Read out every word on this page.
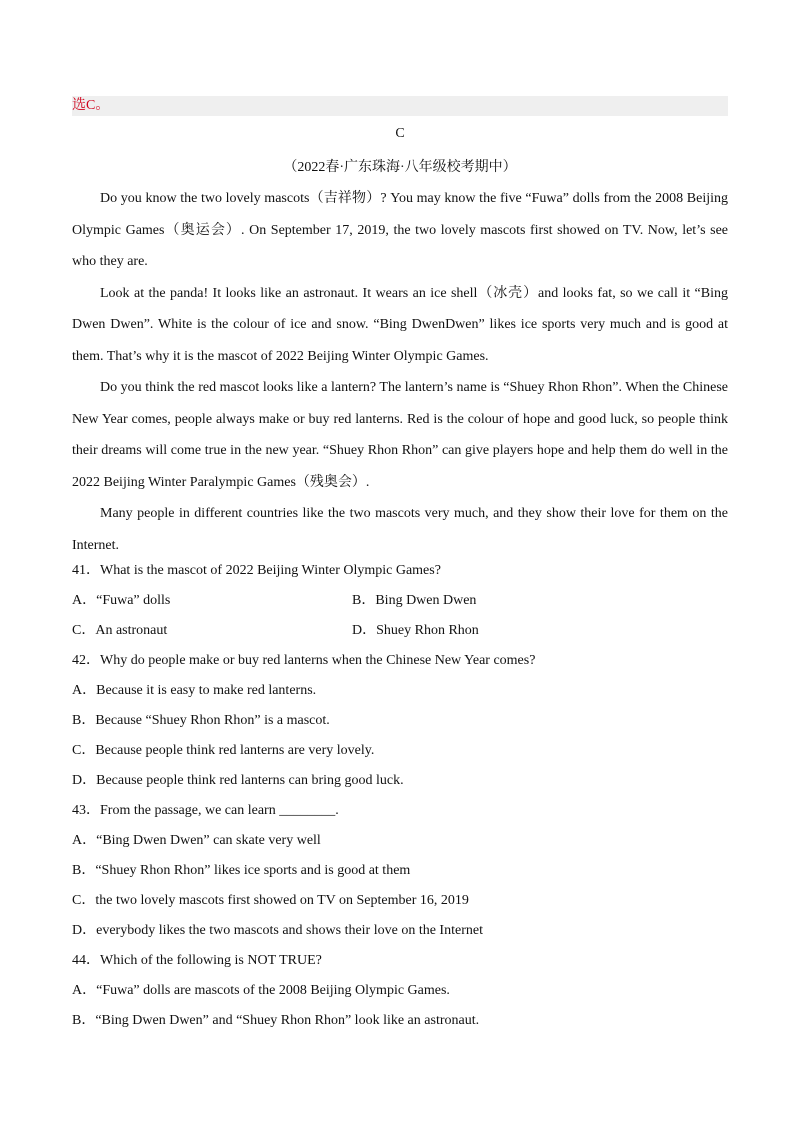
选C。
C
（2022春·广东珠海·八年级校考期中）

Do you know the two lovely mascots（吉祥物）? You may know the five “Fuwa” dolls from the 2008 Beijing Olympic Games（奥运会）. On September 17, 2019, the two lovely mascots first showed on TV. Now, let’s see who they are.

Look at the panda! It looks like an astronaut. It wears an ice shell（冰壳）and looks fat, so we call it “Bing Dwen Dwen”. White is the colour of ice and snow. “Bing DwenDwen” likes ice sports very much and is good at them. That’s why it is the mascot of 2022 Beijing Winter Olympic Games.

Do you think the red mascot looks like a lantern? The lantern’s name is “Shuey Rhon Rhon”. When the Chinese New Year comes, people always make or buy red lanterns. Red is the colour of hope and good luck, so people think their dreams will come true in the new year. “Shuey Rhon Rhon” can give players hope and help them do well in the 2022 Beijing Winter Paralympic Games（残奥会）.

Many people in different countries like the two mascots very much, and they show their love for them on the Internet.

41．What is the mascot of 2022 Beijing Winter Olympic Games?
A．“Fuwa” dolls	B．Bing Dwen Dwen
C．An astronaut	D．Shuey Rhon Rhon
42．Why do people make or buy red lanterns when the Chinese New Year comes?
A．Because it is easy to make red lanterns.
B．Because “Shuey Rhon Rhon” is a mascot.
C．Because people think red lanterns are very lovely.
D．Because people think red lanterns can bring good luck.
43．From the passage, we can learn ________.
A．“Bing Dwen Dwen” can skate very well
B．“Shuey Rhon Rhon” likes ice sports and is good at them
C．the two lovely mascots first showed on TV on September 16, 2019
D．everybody likes the two mascots and shows their love on the Internet
44．Which of the following is NOT TRUE?
A．“Fuwa” dolls are mascots of the 2008 Beijing Olympic Games.
B．“Bing Dwen Dwen” and “Shuey Rhon Rhon” look like an astronaut.
